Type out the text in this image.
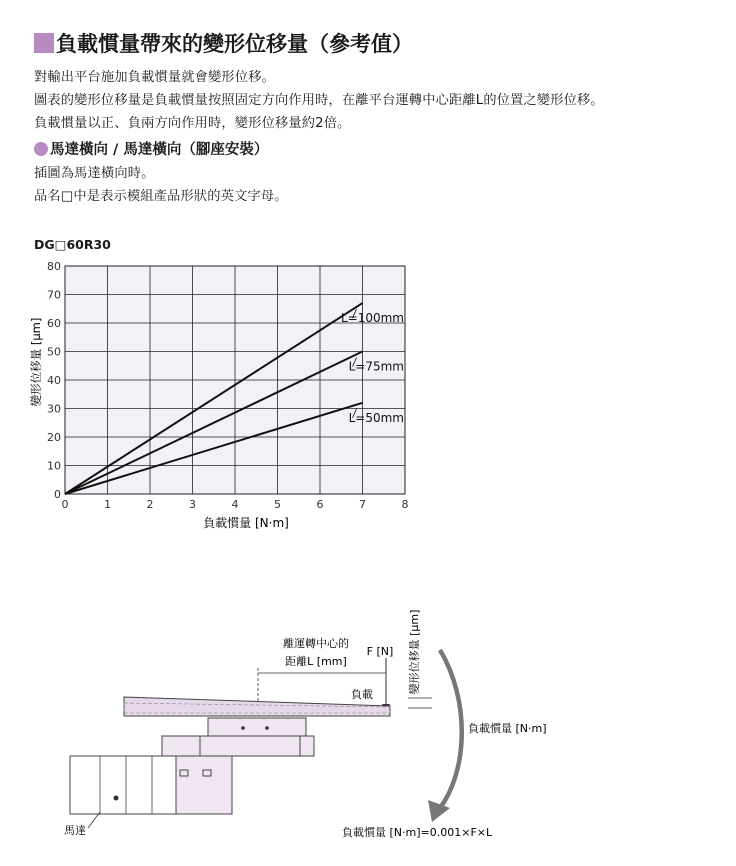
負載慣量帶來的變形位移量（參考值）
對輸出平台施加負載慣量就會變形位移。
圖表的變形位移量是負載慣量按照固定方向作用時，在離平台運轉中心距離L的位置之變形位移。
負載慣量以正、負兩方向作用時，變形位移量約2倍。
馬達橫向 / 馬達橫向（腳座安裝）
插圖為馬達橫向時。
品名□中是表示模組產品形狀的英文字母。
DG□60R30
0	1	2	3	4	5	6	7	8
0
10
20
30
40
50
60
70
80
L=100mm
L=75mm
L=50mm
負載慣量 [N·m]
變形位移量 [μm]
離運轉中心的
距離L [mm]
F [N]
負載
變形位移量 [μm]
馬達
負載慣量 [N·m]
負載慣量 [N·m]=0.001×F×L
